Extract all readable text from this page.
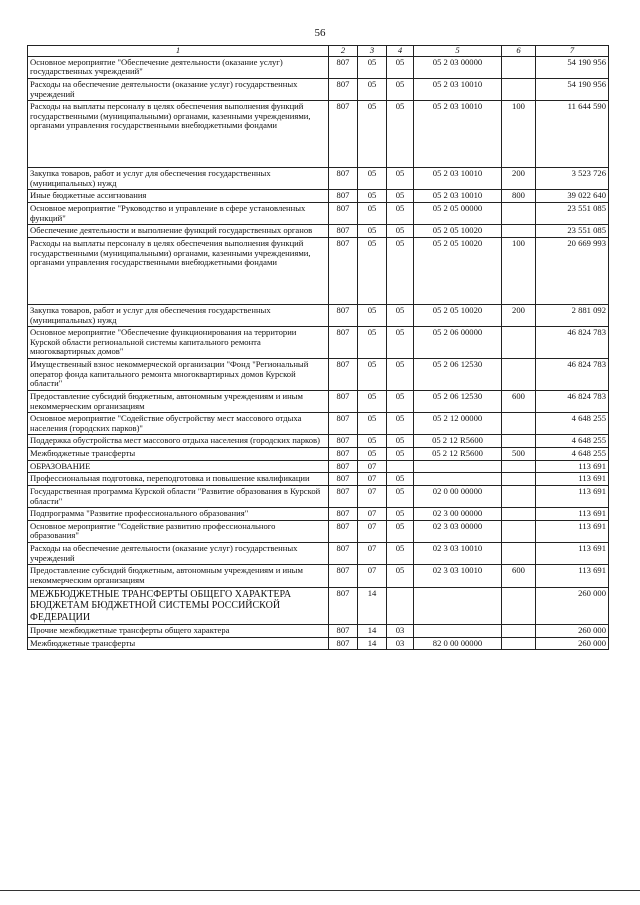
56
1	2	3	4	5	6	7
Основное мероприятие "Обеспечение деятельности (оказание услуг) государственных учреждений"	807	05	05	05 2 03 00000		54 190 956
Расходы на обеспечение деятельности (оказание услуг) государственных учреждений	807	05	05	05 2 03 10010		54 190 956
Расходы на выплаты персоналу в целях обеспечения выполнения функций государственными (муниципальными) органами, казенными учреждениями, органами управления государственными внебюджетными фондами	807	05	05	05 2 03 10010	100	11 644 590
Закупка товаров, работ и услуг для обеспечения государственных (муниципальных) нужд	807	05	05	05 2 03 10010	200	3 523 726
Иные бюджетные ассигнования	807	05	05	05 2 03 10010	800	39 022 640
Основное мероприятие "Руководство и управление в сфере установленных функций"	807	05	05	05 2 05 00000		23 551 085
Обеспечение деятельности и выполнение функций государственных органов	807	05	05	05 2 05 10020		23 551 085
Расходы на выплаты персоналу в целях обеспечения выполнения функций государственными (муниципальными) органами, казенными учреждениями, органами управления государственными внебюджетными фондами	807	05	05	05 2 05 10020	100	20 669 993
Закупка товаров, работ и услуг для обеспечения государственных (муниципальных) нужд	807	05	05	05 2 05 10020	200	2 881 092
Основное мероприятие "Обеспечение функционирования на территории Курской области региональной системы капитального ремонта многоквартирных домов"	807	05	05	05 2 06 00000		46 824 783
Имущественный взнос некоммерческой организации "Фонд "Региональный оператор фонда капитального ремонта многоквартирных домов Курской области"	807	05	05	05 2 06 12530		46 824 783
Предоставление субсидий бюджетным, автономным учреждениям и иным некоммерческим организациям	807	05	05	05 2 06 12530	600	46 824 783
Основное мероприятие "Содействие обустройству мест массового отдыха населения (городских парков)"	807	05	05	05 2 12 00000		4 648 255
Поддержка обустройства мест массового отдыха населения (городских парков)	807	05	05	05 2 12 R5600		4 648 255
Межбюджетные трансферты	807	05	05	05 2 12 R5600	500	4 648 255
ОБРАЗОВАНИЕ	807	07				113 691
Профессиональная подготовка, переподготовка и повышение квалификации	807	07	05			113 691
Государственная программа Курской области "Развитие образования в Курской области"	807	07	05	02 0 00 00000		113 691
Подпрограмма "Развитие профессионального образования"	807	07	05	02 3 00 00000		113 691
Основное мероприятие "Содействие развитию профессионального образования"	807	07	05	02 3 03 00000		113 691
Расходы на обеспечение деятельности (оказание услуг) государственных учреждений	807	07	05	02 3 03 10010		113 691
Предоставление субсидий бюджетным, автономным учреждениям и иным некоммерческим организациям	807	07	05	02 3 03 10010	600	113 691
МЕЖБЮДЖЕТНЫЕ ТРАНСФЕРТЫ ОБЩЕГО ХАРАКТЕРА БЮДЖЕТАМ БЮДЖЕТНОЙ СИСТЕМЫ РОССИЙСКОЙ ФЕДЕРАЦИИ	807	14				260 000
Прочие межбюджетные трансферты общего характера	807	14	03			260 000
Межбюджетные трансферты	807	14	03	82 0 00 00000		260 000
